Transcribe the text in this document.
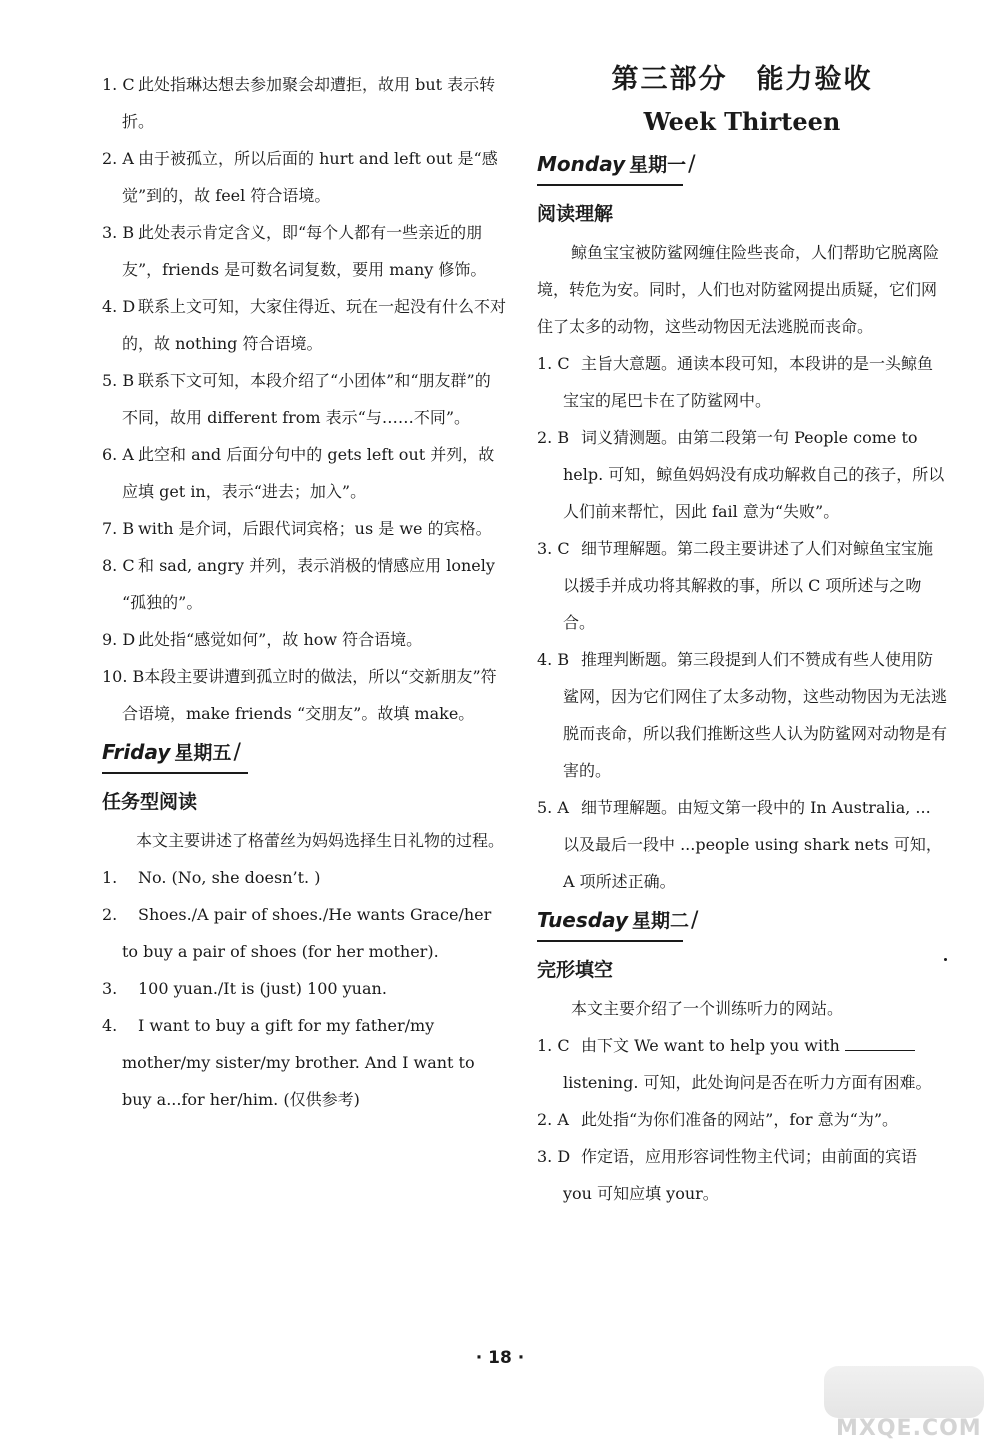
1. C 此处指琳达想去参加聚会却遭拒，故用 but 表示转折。
2. A 由于被孤立，所以后面的 hurt and left out 是“感觉”到的，故 feel 符合语境。
3. B 此处表示肯定含义，即“每个人都有一些亲近的朋友”，friends 是可数名词复数，要用 many 修饰。
4. D 联系上文可知，大家住得近、玩在一起没有什么不对的，故 nothing 符合语境。
5. B 联系下文可知，本段介绍了“小团体”和“朋友群”的不同，故用 different from 表示“与……不同”。
6. A 此空和 and 后面分句中的 gets left out 并列，故应填 get in，表示“进去；加入”。
7. B with 是介词，后跟代词宾格；us 是 we 的宾格。
8. C 和 sad, angry 并列，表示消极的情感应用 lonely “孤独的”。
9. D 此处指“感觉如何”，故 how 符合语境。
10. B本段主要讲遭到孤立时的做法，所以“交新朋友”符合语境，make friends “交朋友”。故填 make。
Friday 星期五/
任务型阅读
本文主要讲述了格蕾丝为妈妈选择生日礼物的过程。
1. No. (No, she doesn’t. )
2. Shoes./A pair of shoes./He wants Grace/her to buy a pair of shoes (for her mother).
3. 100 yuan./It is (just) 100 yuan.
4. I want to buy a gift for my father/my mother/my sister/my brother. And I want to buy a...for her/him. (仅供参考)
第三部分　能力验收
Week Thirteen
Monday 星期一/
阅读理解
鲸鱼宝宝被防鲨网缠住险些丧命，人们帮助它脱离险境，转危为安。同时，人们也对防鲨网提出质疑，它们网住了太多的动物，这些动物因无法逃脱而丧命。
1. C 主旨大意题。通读本段可知，本段讲的是一头鲸鱼宝宝的尾巴卡在了防鲨网中。
2. B 词义猜测题。由第二段第一句 People come to help. 可知，鲸鱼妈妈没有成功解救自己的孩子，所以人们前来帮忙，因此 fail 意为“失败”。
3. C 细节理解题。第二段主要讲述了人们对鲸鱼宝宝施以援手并成功将其解救的事，所以 C 项所述与之吻合。
4. B 推理判断题。第三段提到人们不赞成有些人使用防鲨网，因为它们网住了太多动物，这些动物因为无法逃脱而丧命，所以我们推断这些人认为防鲨网对动物是有害的。
5. A 细节理解题。由短文第一段中的 In Australia, ... 以及最后一段中 ...people using shark nets 可知，A 项所述正确。
Tuesday 星期二/
完形填空
本文主要介绍了一个训练听力的网站。
1. C 由下文 We want to help you with  listening. 可知，此处询问是否在听力方面有困难。
2. A 此处指“为你们准备的网站”，for 意为“为”。
3. D 作定语，应用形容词性物主代词；由前面的宾语 you 可知应填 your。
· 18 ·
MXQE.COM
